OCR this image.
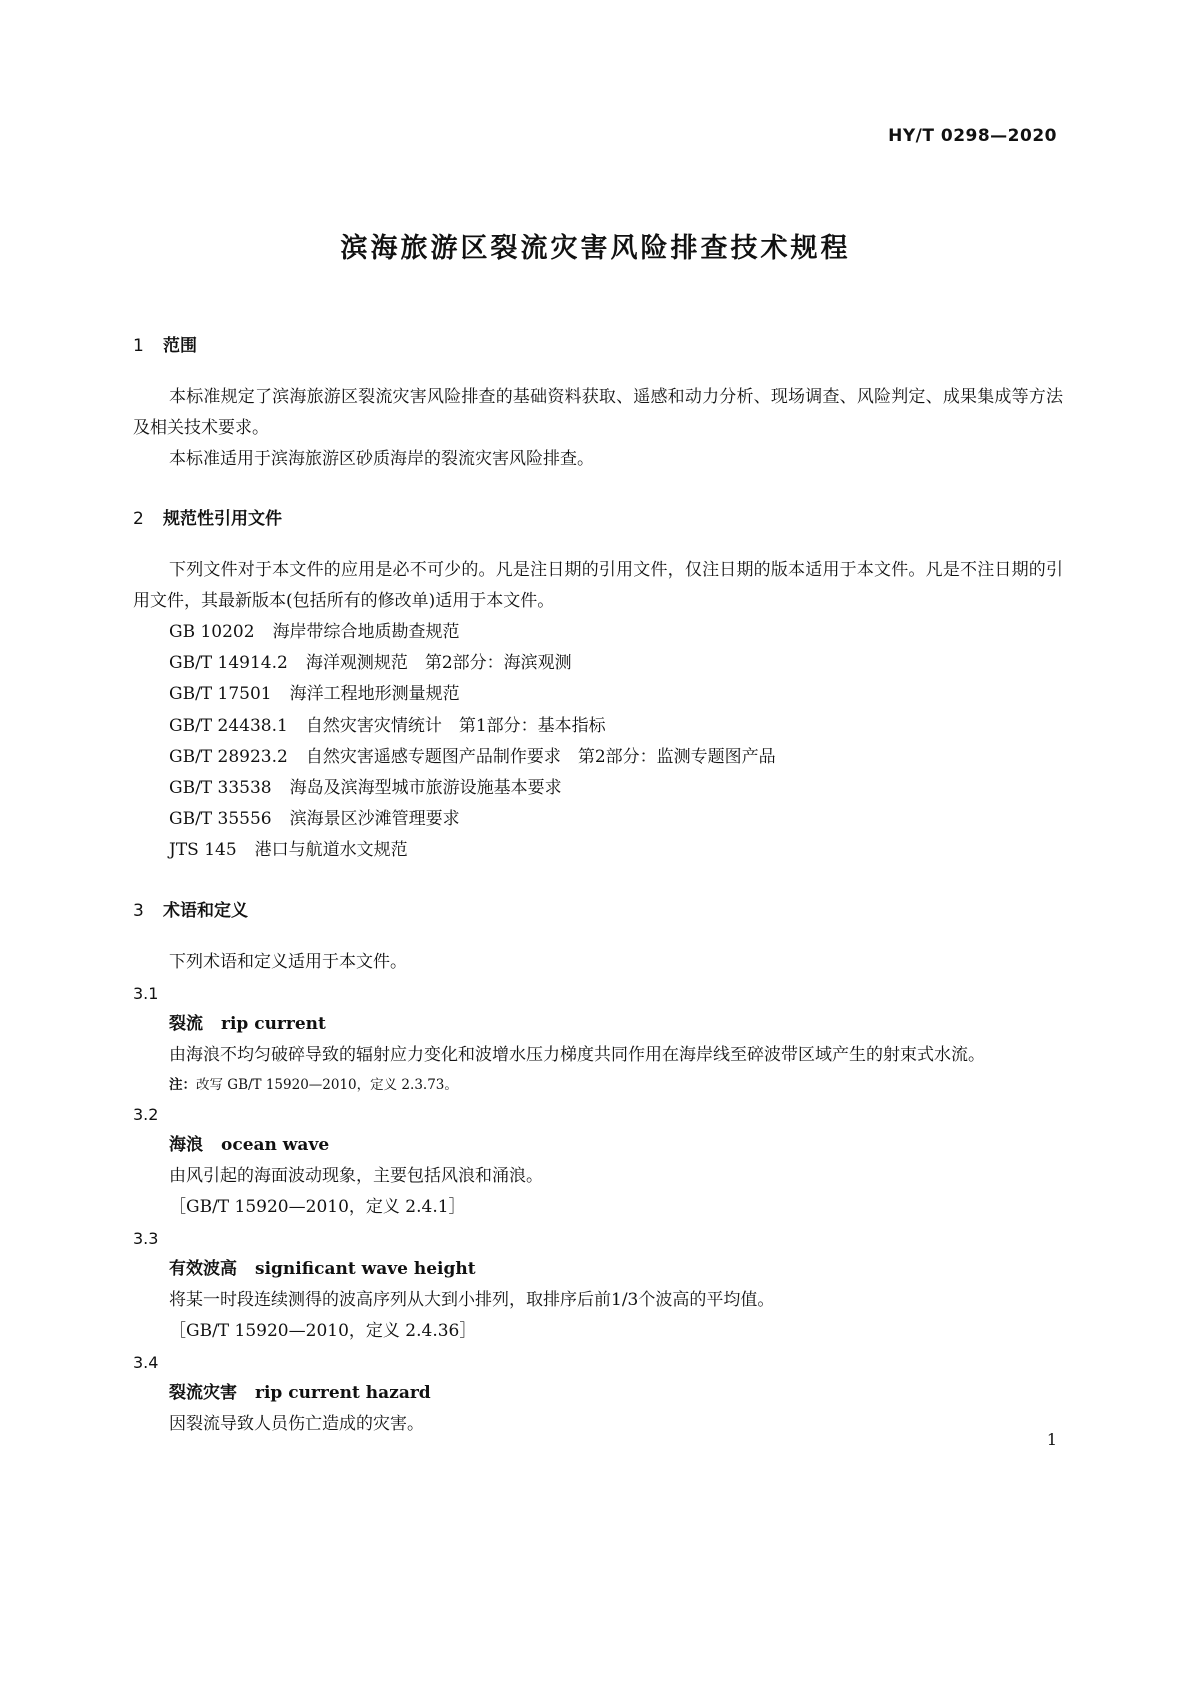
HY/T 0298—2020
滨海旅游区裂流灾害风险排查技术规程
1 范围

本标准规定了滨海旅游区裂流灾害风险排查的基础资料获取、遥感和动力分析、现场调查、风险判定、成果集成等方法及相关技术要求。

本标准适用于滨海旅游区砂质海岸的裂流灾害风险排查。

2 规范性引用文件

下列文件对于本文件的应用是必不可少的。凡是注日期的引用文件，仅注日期的版本适用于本文件。凡是不注日期的引用文件，其最新版本(包括所有的修改单)适用于本文件。

GB 10202 海岸带综合地质勘查规范
GB/T 14914.2 海洋观测规范　第2部分：海滨观测
GB/T 17501 海洋工程地形测量规范
GB/T 24438.1 自然灾害灾情统计　第1部分：基本指标
GB/T 28923.2 自然灾害遥感专题图产品制作要求　第2部分：监测专题图产品
GB/T 33538 海岛及滨海型城市旅游设施基本要求
GB/T 35556 滨海景区沙滩管理要求
JTS 145 港口与航道水文规范
3 术语和定义

下列术语和定义适用于本文件。

3.1

裂流 rip current

由海浪不均匀破碎导致的辐射应力变化和波增水压力梯度共同作用在海岸线至碎波带区域产生的射束式水流。

注：改写 GB/T 15920—2010，定义 2.3.73。

3.2

海浪 ocean wave

由风引起的海面波动现象，主要包括风浪和涌浪。

［GB/T 15920—2010，定义 2.4.1］

3.3

有效波高 significant wave height

将某一时段连续测得的波高序列从大到小排列，取排序后前1/3个波高的平均值。

［GB/T 15920—2010，定义 2.4.36］

3.4

裂流灾害 rip current hazard

因裂流导致人员伤亡造成的灾害。

1
